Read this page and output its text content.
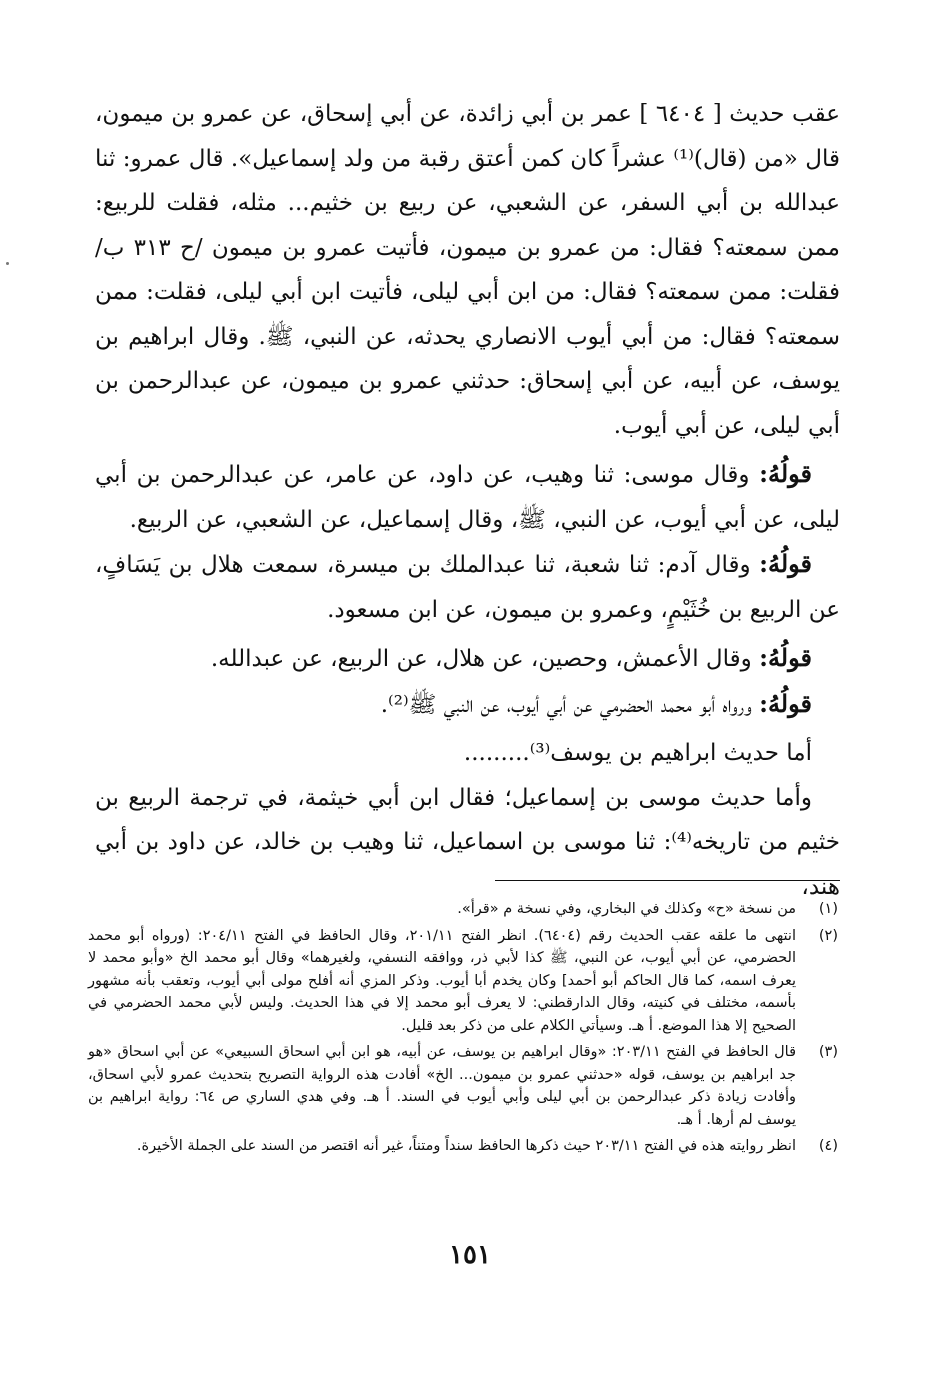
عقب حديث [ ٦٤٠٤ ] عمر بن أبي زائدة، عن أبي إسحاق، عن عمرو بن ميمون، قال «من (قال)⁽¹⁾ عشراً كان كمن أعتق رقبة من ولد إسماعيل». قال عمرو: ثنا عبدالله بن أبي السفر، عن الشعبي، عن ربيع بن خثيم... مثله، فقلت للربيع: ممن سمعته؟ فقال: من عمرو بن ميمون، فأتيت عمرو بن ميمون /ح ٣١٣ ب/ فقلت: ممن سمعته؟ فقال: من ابن أبي ليلى، فأتيت ابن أبي ليلى، فقلت: ممن سمعته؟ فقال: من أبي أيوب الانصاري يحدثه، عن النبي، ﷺ. وقال ابراهيم بن يوسف، عن أبيه، عن أبي إسحاق: حدثني عمرو بن ميمون، عن عبدالرحمن بن أبي ليلى، عن أبي أيوب.

قولُهُ: وقال موسى: ثنا وهيب، عن داود، عن عامر، عن عبدالرحمن بن أبي ليلى، عن أبي أيوب، عن النبي، ﷺ، وقال إسماعيل، عن الشعبي، عن الربيع.

قولُهُ: وقال آدم: ثنا شعبة، ثنا عبدالملك بن ميسرة، سمعت هلال بن يَسَافٍ، عن الربيع بن خُثَيْمٍ، وعمرو بن ميمون، عن ابن مسعود.

قولُهُ: وقال الأعمش، وحصين، عن هلال، عن الربيع، عن عبدالله.

قولُهُ: ورواه أبو محمد الحضرمي عن أبي أيوب، عن النبي ﷺ⁽²⁾.

أما حديث ابراهيم بن يوسف⁽³⁾.........

وأما حديث موسى بن إسماعيل؛ فقال ابن أبي خيثمة، في ترجمة الربيع بن خثيم من تاريخه⁽⁴⁾: ثنا موسى بن اسماعيل، ثنا وهيب بن خالد، عن داود بن أبي هند،

(١)
من نسخة «ح» وكذلك في البخاري، وفي نسخة م «قرأ».
(٢)
انتهى ما علقه عقب الحديث رقم (٦٤٠٤). انظر الفتح ٢٠١/١١، وقال الحافظ في الفتح ٢٠٤/١١: (ورواه أبو محمد الحضرمي، عن أبي أيوب، عن النبي، ﷺ كذا لأبي ذر، ووافقه النسفي، ولغيرهما» وقال أبو محمد الخ «وأبو محمد لا يعرف اسمه، كما قال الحاكم أبو أحمد] وكان يخدم أبا أيوب. وذكر المزي أنه أفلح مولى أبي أيوب، وتعقب بأنه مشهور بأسمه، مختلف في كنيته، وقال الدارقطني: لا يعرف أبو محمد إلا في هذا الحديث. وليس لأبي محمد الحضرمي في الصحيح إلا هذا الموضع. أ هـ. وسيأتي الكلام على من ذكر بعد قليل.
(٣)
قال الحافظ في الفتح ٢٠٣/١١: «وقال ابراهيم بن يوسف، عن أبيه، هو ابن أبي اسحاق السبيعي» عن أبي اسحاق «هو جد ابراهيم بن يوسف، قوله «حدثني عمرو بن ميمون... الخ» أفادت هذه الرواية التصريح بتحديث عمرو لأبي اسحاق، وأفادت زيادة ذكر عبدالرحمن بن أبي ليلى وأبي أيوب في السند. أ هـ. وفي هدي الساري ص ٦٤: رواية ابراهيم بن يوسف لم أرها. أ هـ.
(٤)
انظر روايته هذه في الفتح ٢٠٣/١١ حيث ذكرها الحافظ سنداً ومتناً، غير أنه اقتصر من السند على الجملة الأخيرة.
١٥١
